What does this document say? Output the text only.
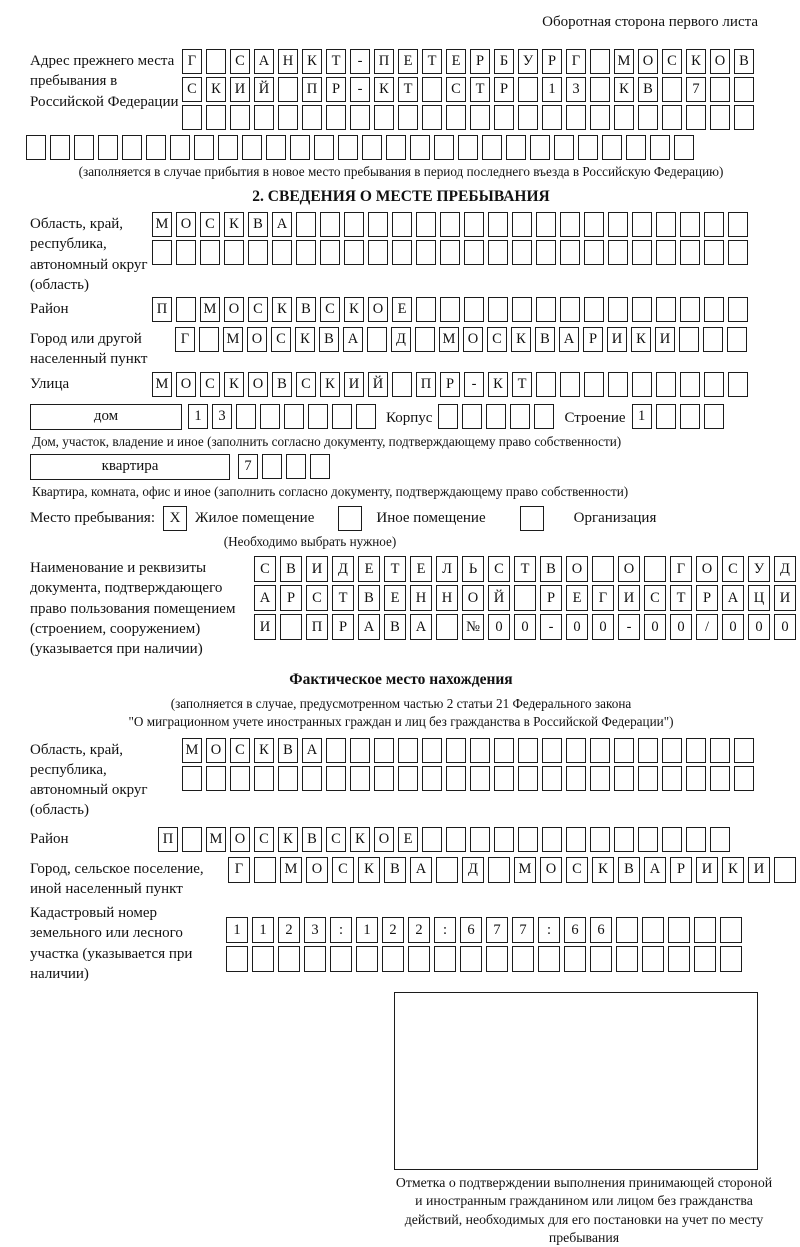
Оборотная сторона первого листа
Адрес прежнего места пребывания в Российской Федерации
Г	С А Н К	Т	-	П Е	Т	Е	Р	Б	У	Р	Г	М О С К О В
С К И Й	П	Р	-	К	Т	С	Т	Р	1	3	К В	7
(заполняется в случае прибытия в новое место пребывания в период последнего въезда в Российскую Федерацию)
2. СВЕДЕНИЯ О МЕСТЕ ПРЕБЫВАНИЯ
Область, край, республика, автономный округ (область)
М О С К В А
Район	П	М О С К В С К О Е
Город или другой населенный пункт
Г	М О С К В А	Д	М О С К В А	Р	И К И
Улица	М О С К О В С К И Й	П	Р	-	К	Т
дом	1	3	Корпус	Строение 1
Дом, участок, владение и иное (заполнить согласно документу, подтверждающему право собственности)
квартира	7
Квартира, комната, офис и иное (заполнить согласно документу, подтверждающему право собственности)
Место пребывания: X Жилое помещение	Иное помещение	Организация
(Необходимо выбрать нужное)
Наименование и реквизиты документа, подтверждающего право пользования помещением (строением, сооружением) (указывается при наличии)
С	В	И	Д	Е	Т	Е	Л	Ь	С	Т	В	О	О	Г	О	С	У	Д
А	Р	С	Т	В	Е	Н	Н	О	Й	Р	Е	Г	И	С	Т	Р	А	Ц	И
И	П	Р	А	В	А	№	0	0	-	0	0	-	0	0	/	0	0	0
Фактическое место нахождения
(заполняется в случае, предусмотренном частью 2 статьи 21 Федерального закона
"О миграционном учете иностранных граждан и лиц без гражданства в Российской Федерации")
Область, край, республика, автономный округ (область)
М О С К В А
Район	П	М О С К В С К О Е
Город, сельское поселение, иной населенный пункт
Г	М О	С	К	В	А	Д	М О	С	К	В	А	Р	И	К	И
Кадастровый номер земельного или лесного участка (указывается при наличии)
1	1	2	3	:	1	2	2	:	6	7	7	:	6	6
Отметка о подтверждении выполнения принимающей стороной и иностранным гражданином или лицом без гражданства действий, необходимых для его постановки на учет по месту пребывания
